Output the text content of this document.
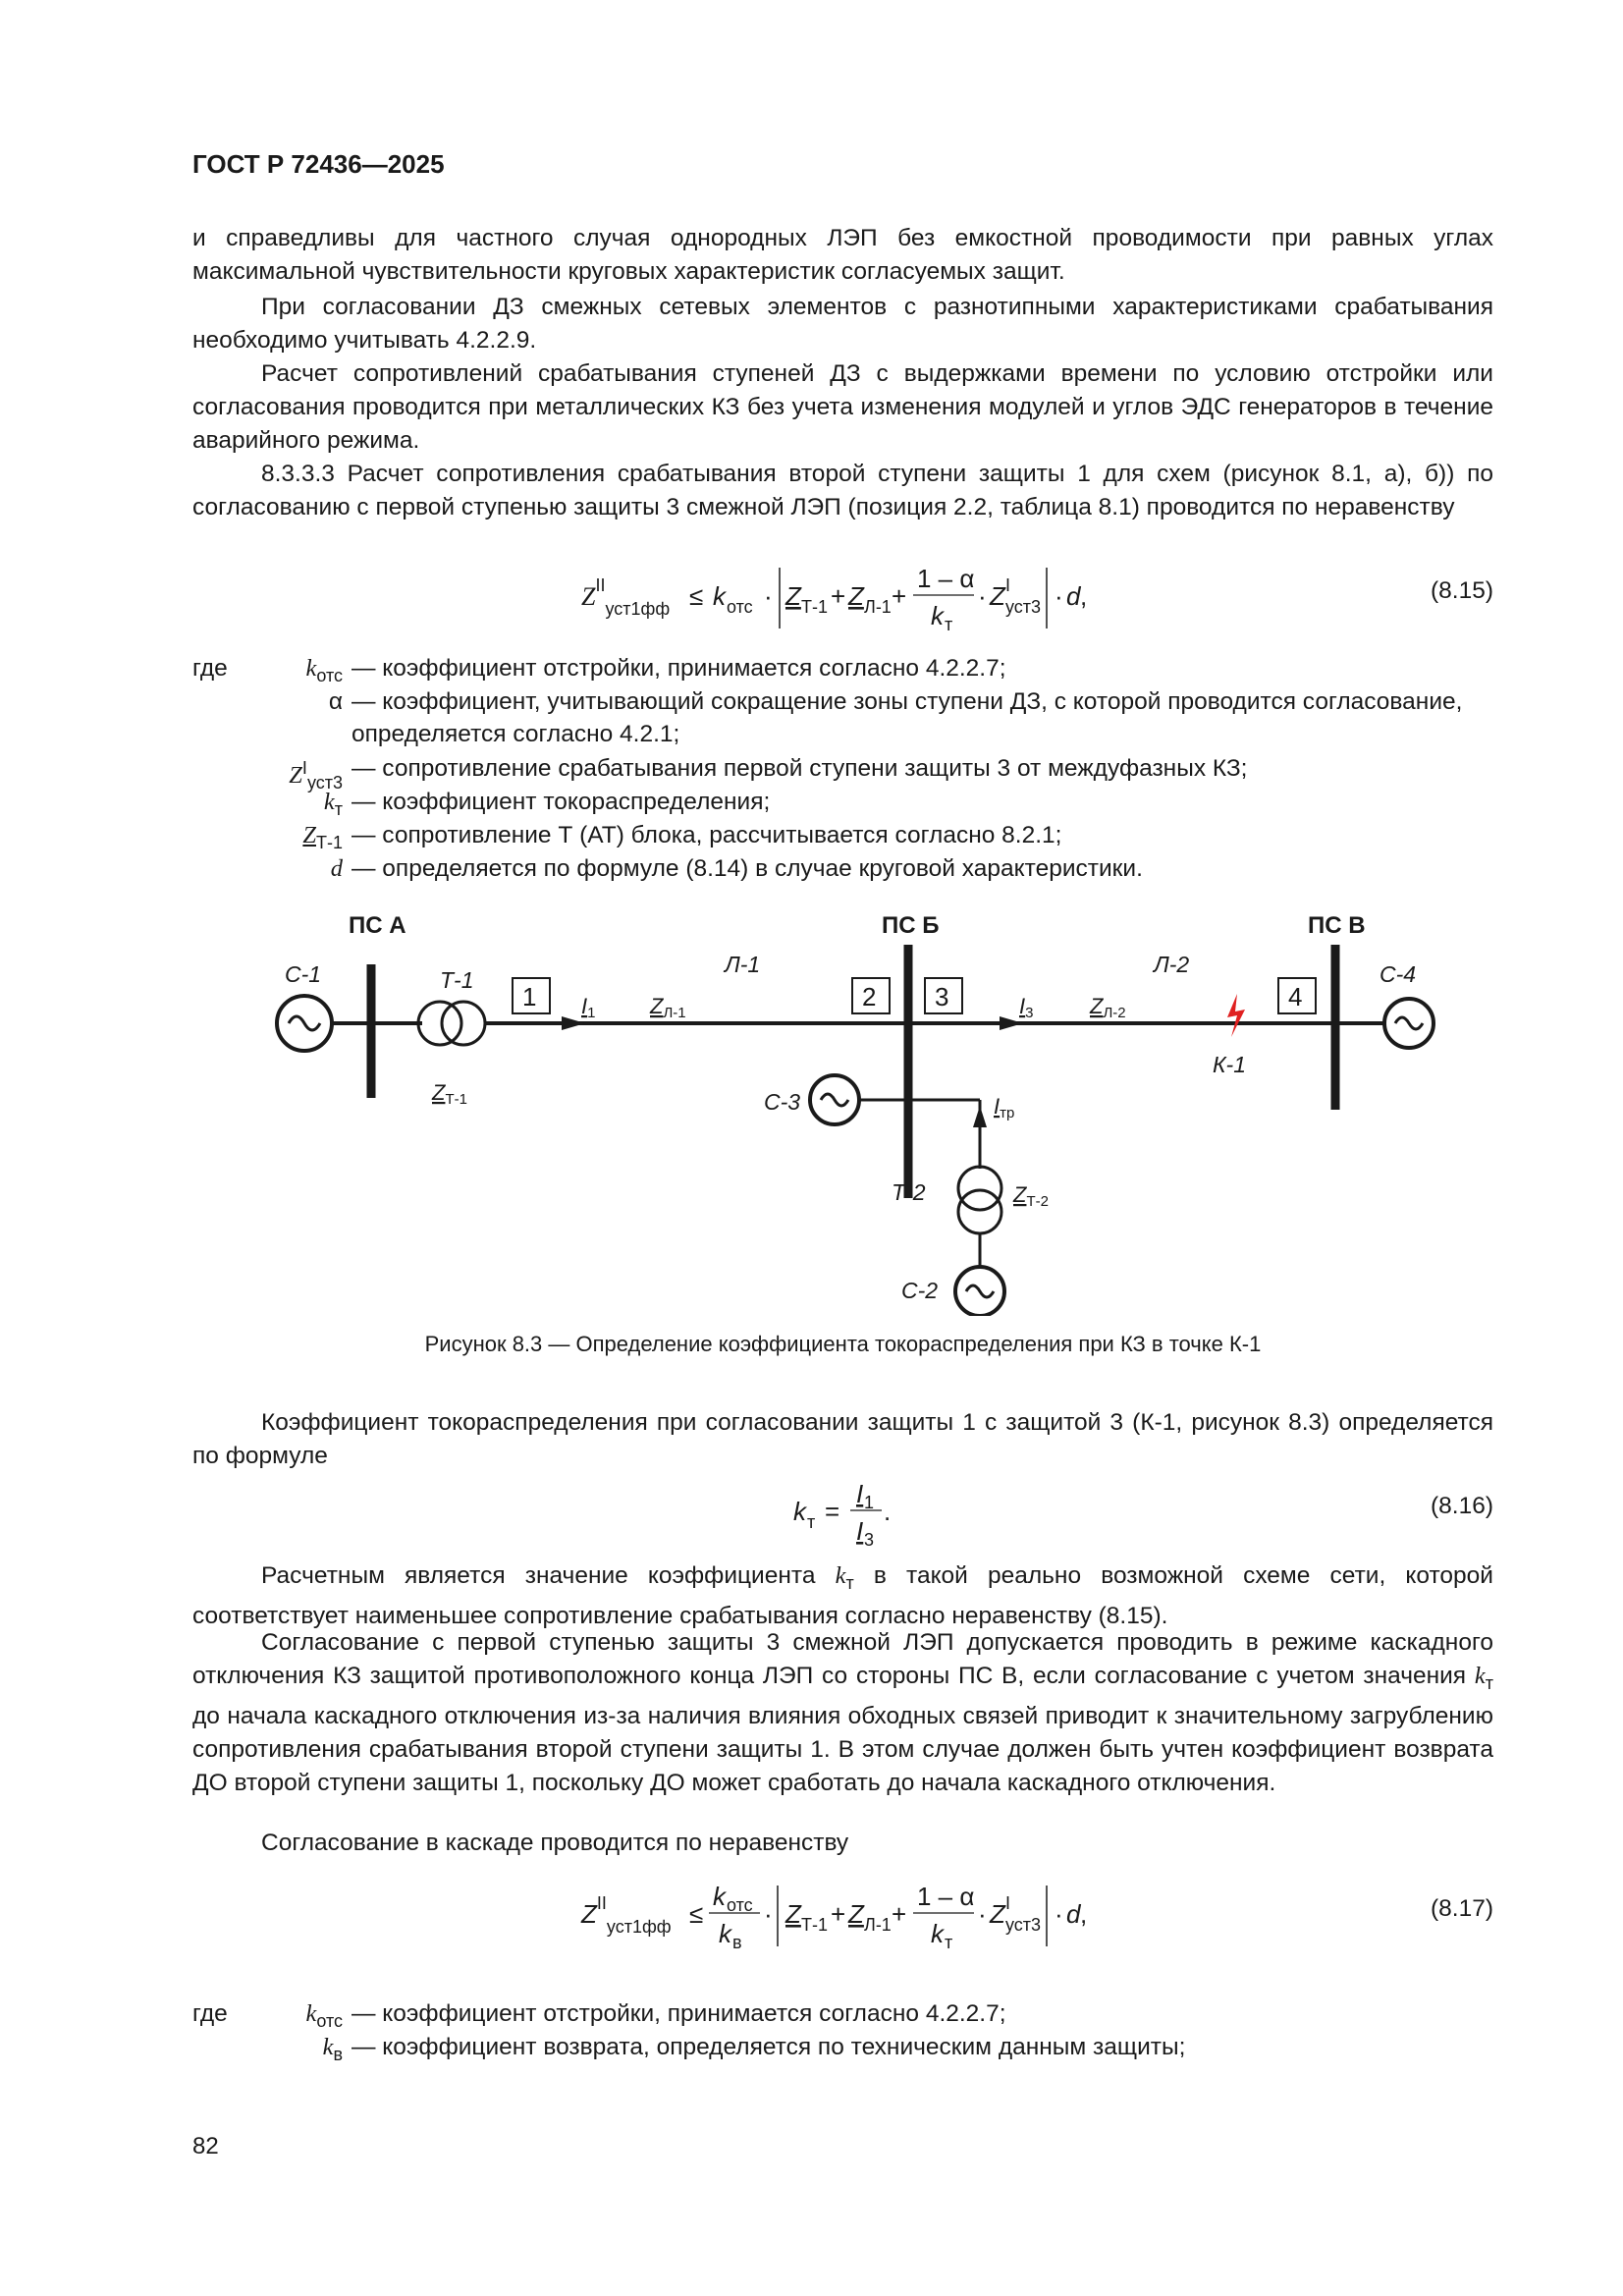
ГОСТ Р 72436—2025
и справедливы для частного случая однородных ЛЭП без емкостной проводимости при равных углах максимальной чувствительности круговых характеристик согласуемых защит.
При согласовании ДЗ смежных сетевых элементов с разнотипными характеристиками срабатывания необходимо учитывать 4.2.2.9.
Расчет сопротивлений срабатывания ступеней ДЗ с выдержками времени по условию отстройки или согласования проводится при металлических КЗ без учета изменения модулей и углов ЭДС генераторов в течение аварийного режима.
8.3.3.3 Расчет сопротивления срабатывания второй ступени защиты 1 для схем (рисунок 8.1, а), б)) по согласованию с первой ступенью защиты 3 смежной ЛЭП (позиция 2.2, таблица 8.1) проводится по неравенству
$Z^{II}_{уст1фф} \le k$ отс · Z Т-1 + Z Л-1 +
1 – α
k т
· Z I
уст3 · d ,	(8.15)
где	$k_{отс}$ — коэффициент отстройки, принимается согласно 4.2.2.7;
α — коэффициент, учитывающий сокращение зоны ступени ДЗ, с которой проводится согласование, определяется согласно 4.2.1;
$Z^I_{уст3}$
— сопротивление срабатывания первой ступени защиты 3 от междуфазных КЗ;
$k_т$ — коэффициент токораспределения;
$Z_{Т-1}$ — сопротивление Т (АТ) блока, рассчитывается согласно 8.2.1;
d — определяется по формуле (8.14) в случае круговой характеристики.
1	2 3	4
ПС А	ПС Б	ПС В
С-1	Т-1
Л-1	Л-2	С-4
К-1
С-3
Т-2
С-2
I1	ZЛ-1
ZТ-1
I3	ZЛ-2
Iтр
ZТ-2
Рисунок 8.3 — Определение коэффициента токораспределения при КЗ в точке К-1
Коэффициент токораспределения при согласовании защиты 1 с защитой 3 (К-1, рисунок 8.3) определяется по формуле
k т =
I 1
I 3
.	(8.16)
Расчетным является значение коэффициента $k_т$ в такой реально возможной схеме сети, которой соответствует наименьшее сопротивление срабатывания согласно неравенству (8.15).
Согласование с первой ступенью защиты 3 смежной ЛЭП допускается проводить в режиме каскадного отключения КЗ защитой противоположного конца ЛЭП со стороны ПС В, если согласование с учетом значения $k_т$ до начала каскадного отключения из-за наличия влияния обходных связей приводит к значительному загрублению сопротивления срабатывания второй ступени защиты 1. В этом случае должен быть учтен коэффициент возврата ДО второй ступени защиты 1, поскольку ДО может сработать до начала каскадного отключения.
Согласование в каскаде проводится по неравенству
$Z^{II}_{уст1фф}$ ≤
k отс
k в
· Z Т-1 + Z Л-1 +
1 – α
k т
· Z I
уст3 · d ,	(8.17)
где	$k_{отс}$ — коэффициент отстройки, принимается согласно 4.2.2.7;
$k_в$ — коэффициент возврата, определяется по техническим данным защиты;
82
